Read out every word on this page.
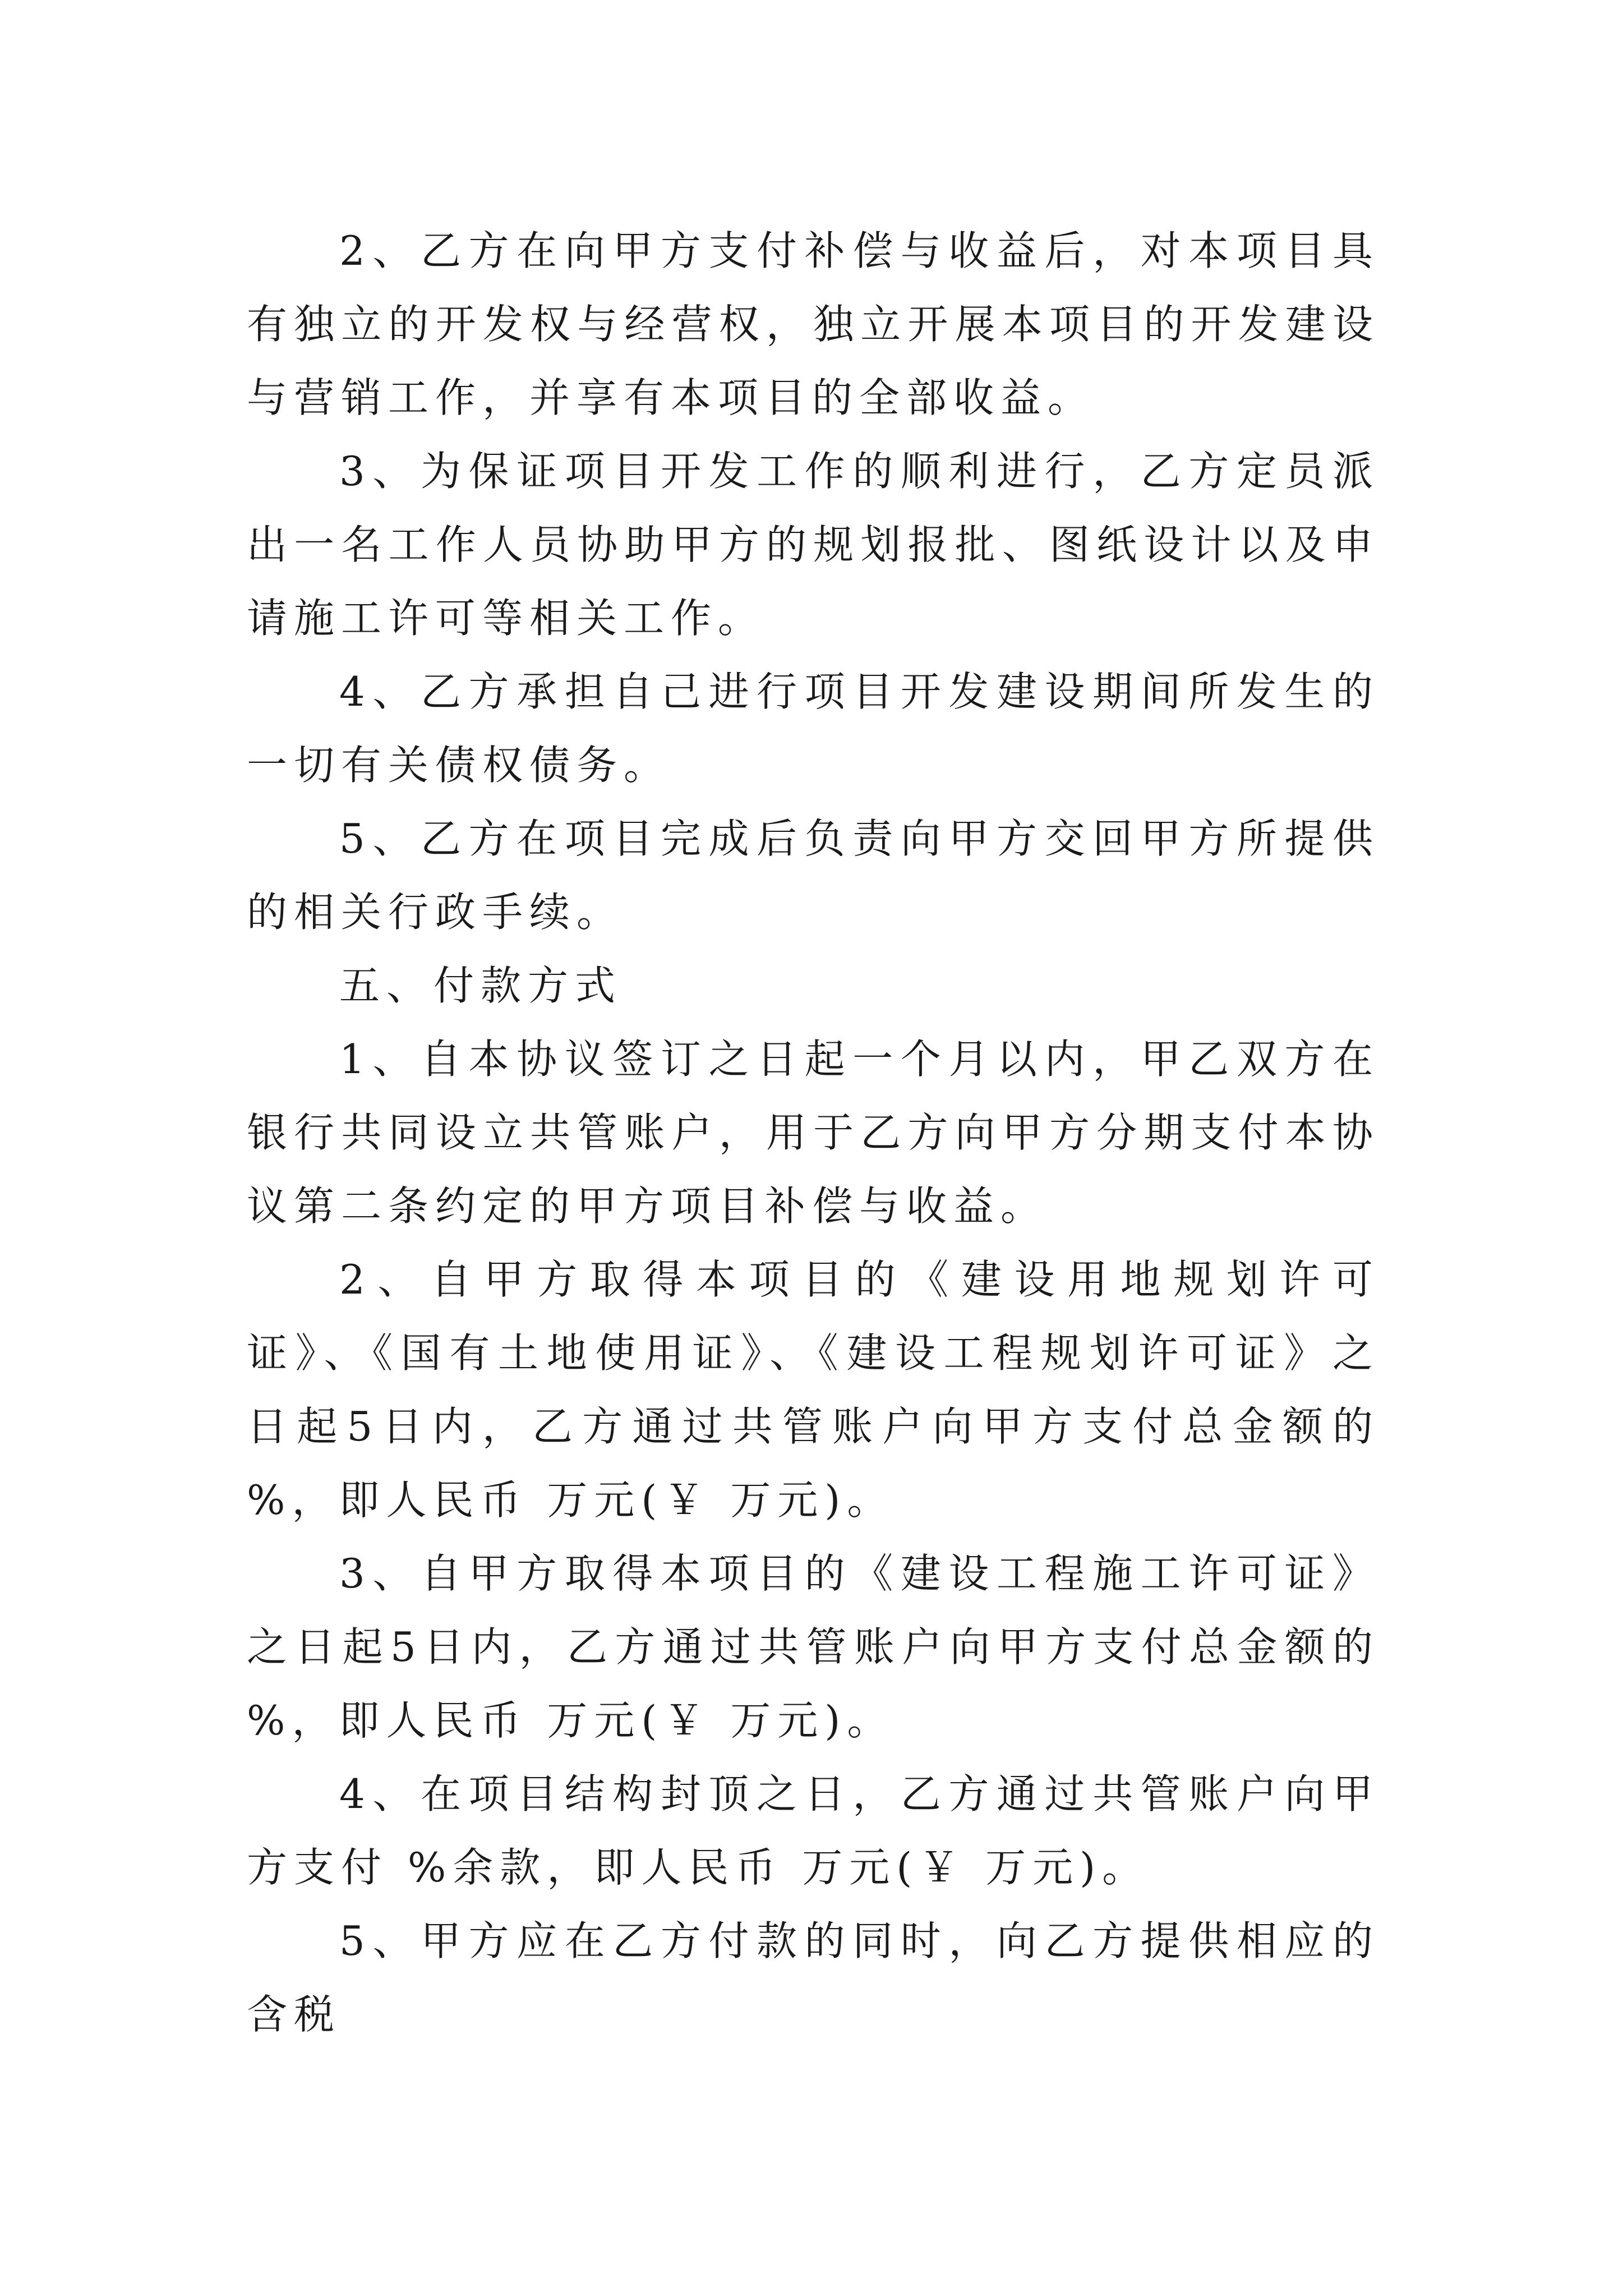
2、乙方在向甲方支付补偿与收益后，对本项目具有独立的开发权与经营权，独立开展本项目的开发建设与营销工作，并享有本项目的全部收益。

3、为保证项目开发工作的顺利进行，乙方定员派出一名工作人员协助甲方的规划报批、图纸设计以及申请施工许可等相关工作。

4、乙方承担自己进行项目开发建设期间所发生的一切有关债权债务。

5、乙方在项目完成后负责向甲方交回甲方所提供的相关行政手续。

五、付款方式

1、自本协议签订之日起一个月以内，甲乙双方在 银行共同设立共管账户，用于乙方向甲方分期支付本协议第二条约定的甲方项目补偿与收益。

2、自甲方取得本项目的《建设用地规划许可证》、《国有土地使用证》、《建设工程规划许可证》之日起5日内，乙方通过共管账户向甲方支付总金额的 %，即人民币 万元(￥ 万元)。

3、自甲方取得本项目的《建设工程施工许可证》之日起5日内，乙方通过共管账户向甲方支付总金额的 %，即人民币 万元(￥ 万元)。

4、在项目结构封顶之日，乙方通过共管账户向甲方支付 %余款，即人民币 万元(￥ 万元)。

5、甲方应在乙方付款的同时，向乙方提供相应的含税
